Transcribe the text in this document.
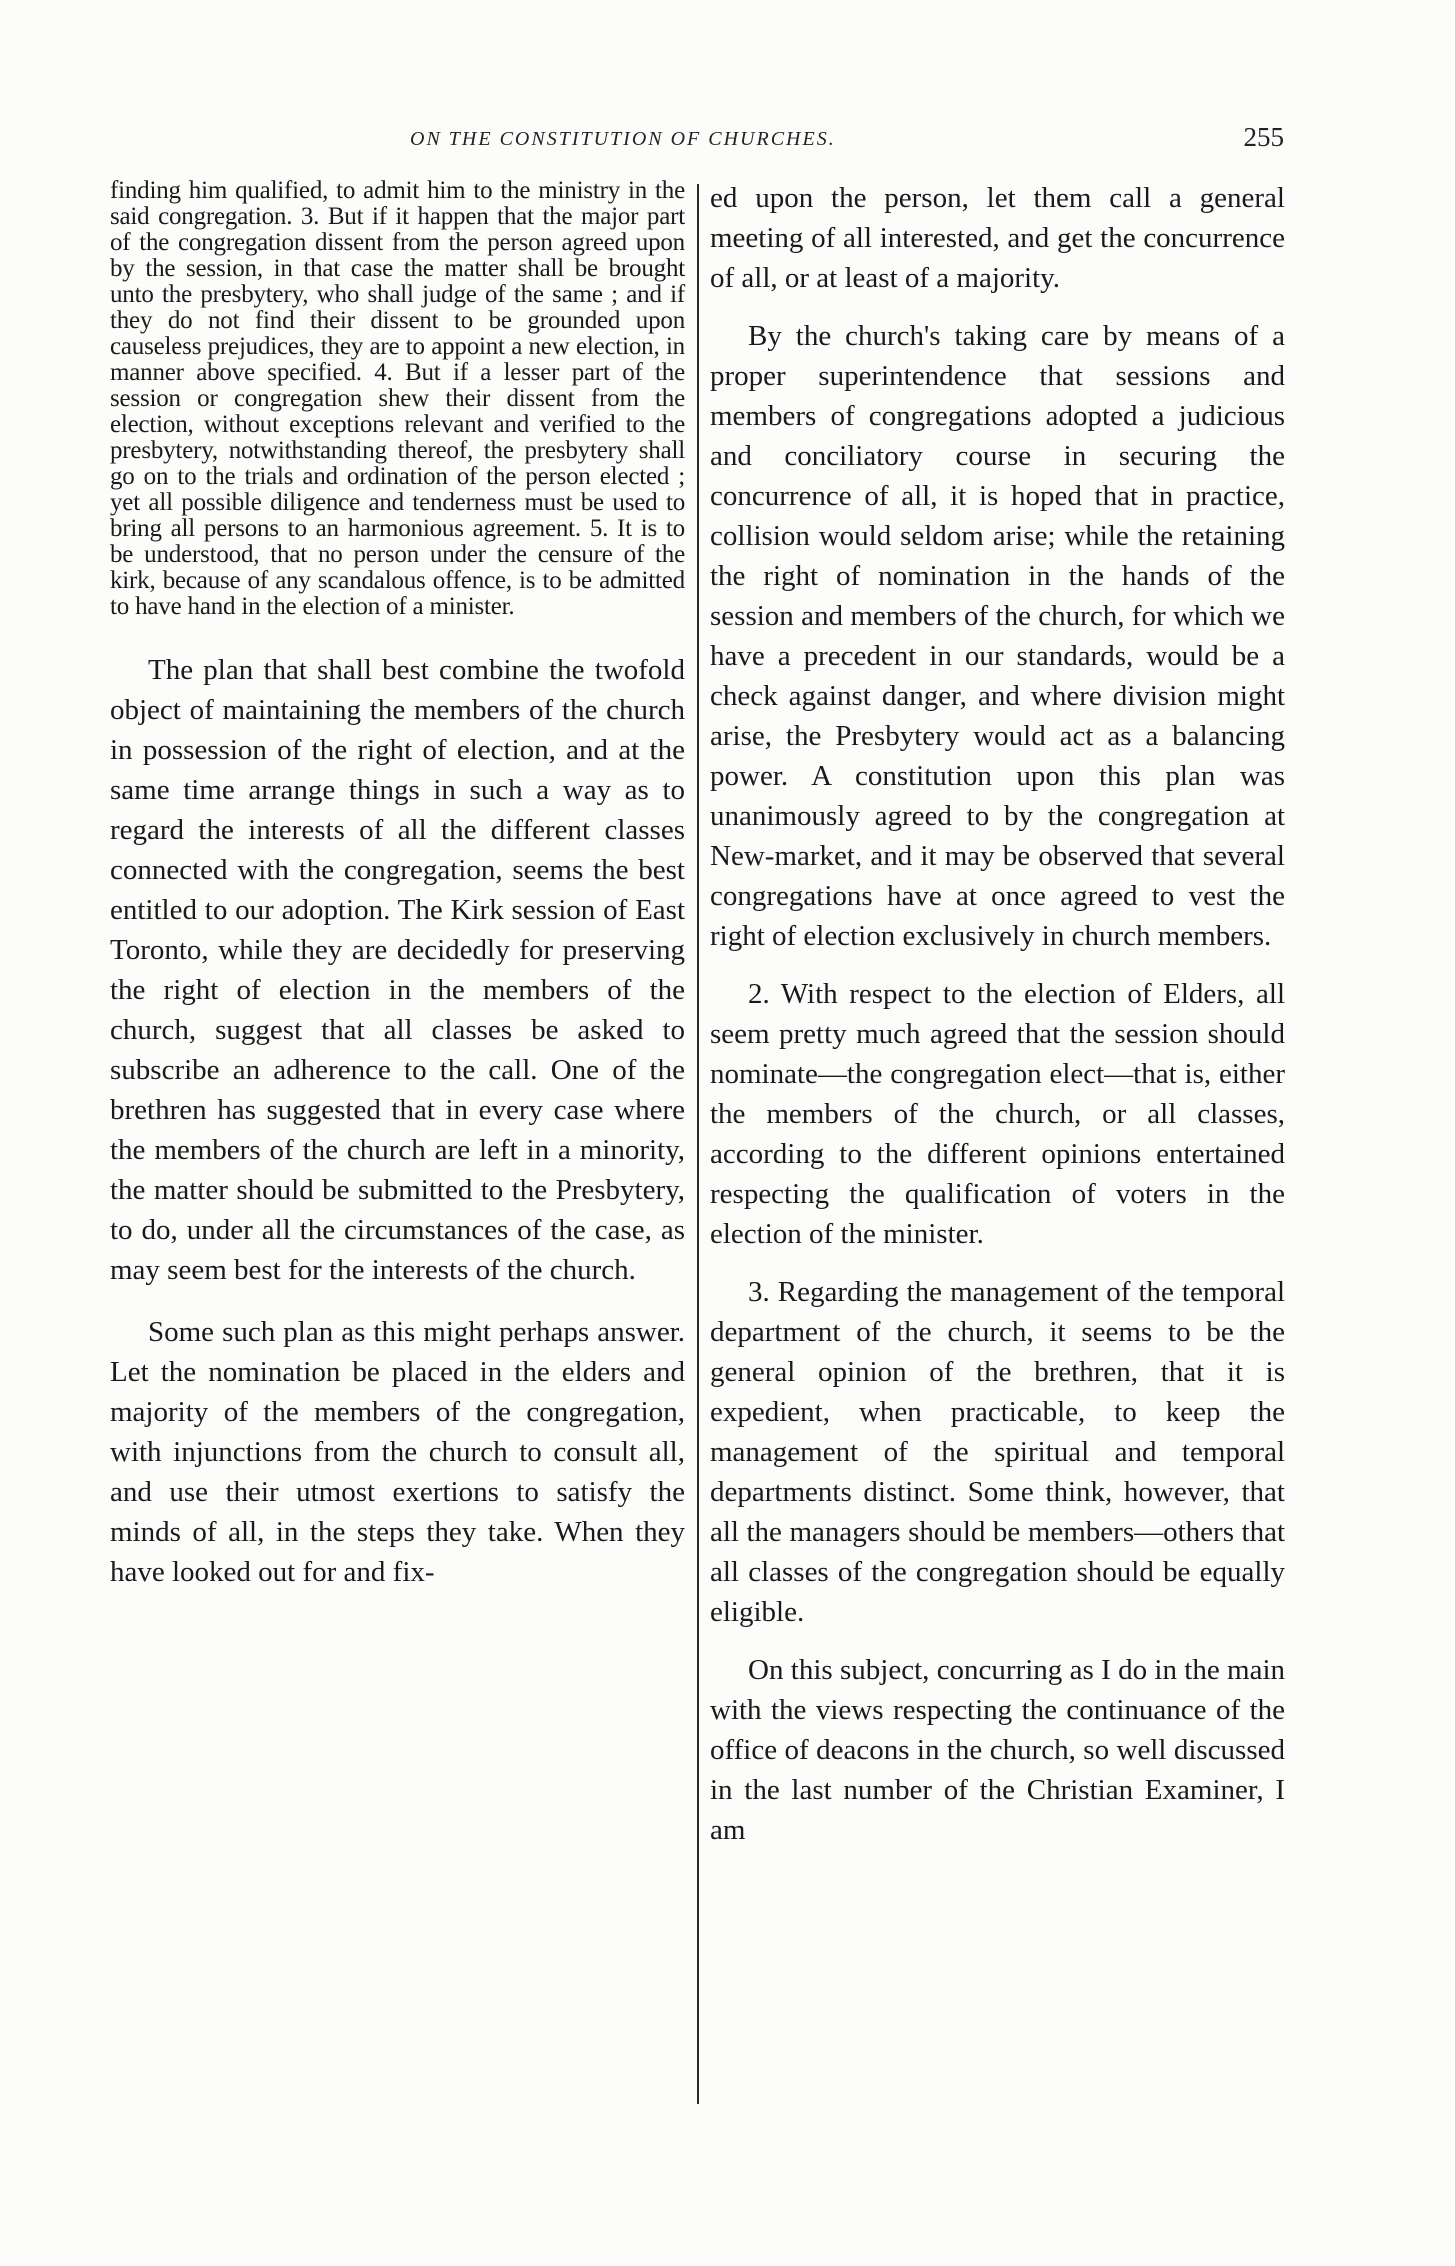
ON THE CONSTITUTION OF CHURCHES.	255

finding him qualified, to admit him to the ministry in the said congregation. 3. But if it happen that the major part of the congregation dissent from the person agreed upon by the session, in that case the matter shall be brought unto the presbytery, who shall judge of the same ; and if they do not find their dissent to be grounded upon causeless prejudices, they are to appoint a new election, in manner above specified. 4. But if a lesser part of the session or congregation shew their dissent from the election, without exceptions relevant and verified to the presbytery, notwithstanding thereof, the presbytery shall go on to the trials and ordination of the person elected ; yet all possible diligence and tenderness must be used to bring all persons to an harmonious agreement. 5. It is to be understood, that no person under the censure of the kirk, because of any scandalous offence, is to be admitted to have hand in the election of a minister.

The plan that shall best combine the twofold object of maintaining the members of the church in possession of the right of election, and at the same time arrange things in such a way as to regard the interests of all the different classes connected with the congregation, seems the best entitled to our adoption. The Kirk session of East Toronto, while they are decidedly for preserving the right of election in the members of the church, suggest that all classes be asked to subscribe an adherence to the call. One of the brethren has suggested that in every case where the members of the church are left in a minority, the matter should be submitted to the Presbytery, to do, under all the circumstances of the case, as may seem best for the interests of the church.

Some such plan as this might perhaps answer. Let the nomination be placed in the elders and majority of the members of the congregation, with injunctions from the church to consult all, and use their utmost exertions to satisfy the minds of all, in the steps they take. When they have looked out for and fix-

ed upon the person, let them call a general meeting of all interested, and get the concurrence of all, or at least of a majority.

By the church's taking care by means of a proper superintendence that sessions and members of congregations adopted a judicious and conciliatory course in securing the concurrence of all, it is hoped that in practice, collision would seldom arise; while the retaining the right of nomination in the hands of the session and members of the church, for which we have a precedent in our standards, would be a check against danger, and where division might arise, the Presbytery would act as a balancing power. A constitution upon this plan was unanimously agreed to by the congregation at New-market, and it may be observed that several congregations have at once agreed to vest the right of election exclusively in church members.

2. With respect to the election of Elders, all seem pretty much agreed that the session should nominate—the congregation elect—that is, either the members of the church, or all classes, according to the different opinions entertained respecting the qualification of voters in the election of the minister.

3. Regarding the management of the temporal department of the church, it seems to be the general opinion of the brethren, that it is expedient, when practicable, to keep the management of the spiritual and temporal departments distinct. Some think, however, that all the managers should be members—others that all classes of the congregation should be equally eligible.

On this subject, concurring as I do in the main with the views respecting the continuance of the office of deacons in the church, so well discussed in the last number of the Christian Examiner, I am
